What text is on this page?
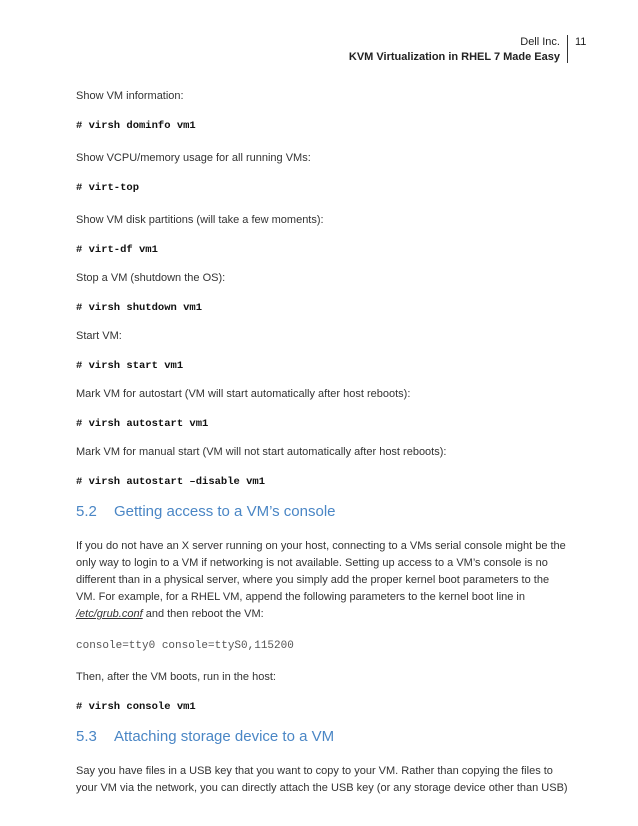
Dell Inc.
KVM Virtualization in RHEL 7 Made Easy
11

Show VM information:

# virsh dominfo vm1

Show VCPU/memory usage for all running VMs:

# virt-top

Show VM disk partitions (will take a few moments):

# virt-df vm1

Stop a VM (shutdown the OS):

# virsh shutdown vm1

Start VM:

# virsh start vm1

Mark VM for autostart (VM will start automatically after host reboots):

# virsh autostart vm1

Mark VM for manual start (VM will not start automatically after host reboots):

# virsh autostart –disable vm1

5.2 Getting access to a VM’s console

If you do not have an X server running on your host, connecting to a VMs serial console might be the only way to login to a VM if networking is not available. Setting up access to a VM’s console is no different than in a physical server, where you simply add the proper kernel boot parameters to the VM. For example, for a RHEL VM, append the following parameters to the kernel boot line in /etc/grub.conf and then reboot the VM:

console=tty0 console=ttyS0,115200

Then, after the VM boots, run in the host:

# virsh console vm1

5.3 Attaching storage device to a VM

Say you have files in a USB key that you want to copy to your VM. Rather than copying the files to your VM via the network, you can directly attach the USB key (or any storage device other than USB)
